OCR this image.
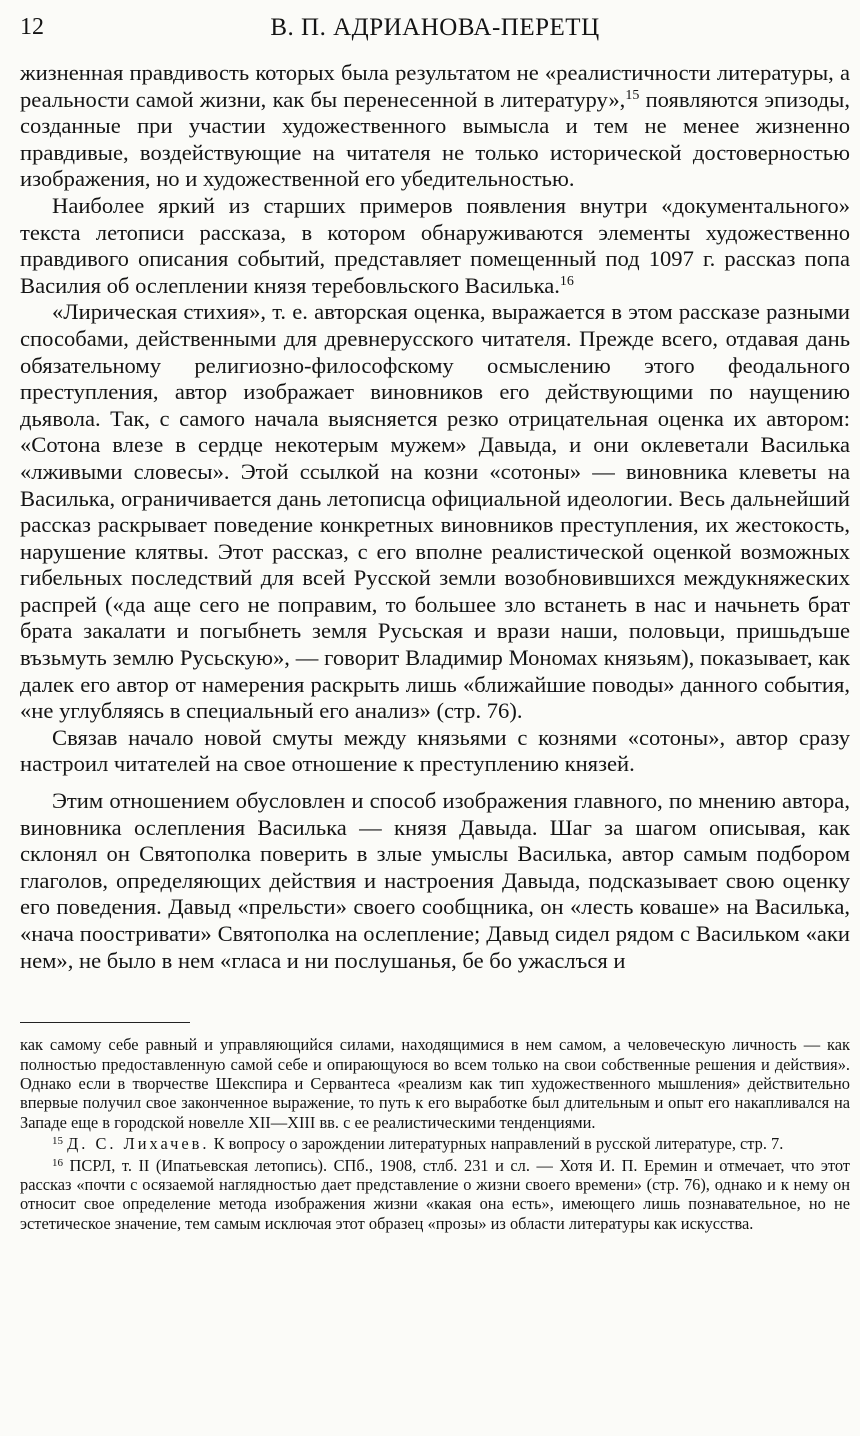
12	В. П. АДРИАНОВА-ПЕРЕТЦ

жизненная правдивость которых была результатом не «реалистичности литературы, а реальности самой жизни, как бы перенесенной в литературу»,$^{15}$ появляются эпизоды, созданные при участии художественного вымысла и тем не менее жизненно правдивые, воздействующие на читателя не только исторической достоверностью изображения, но и художественной его убедительностью.

Наиболее яркий из старших примеров появления внутри «документального» текста летописи рассказа, в котором обнаруживаются элементы художественно правдивого описания событий, представляет помещенный под 1097 г. рассказ попа Василия об ослеплении князя теребовльского Василька.$^{16}$

«Лирическая стихия», т. е. авторская оценка, выражается в этом рассказе разными способами, действенными для древнерусского читателя. Прежде всего, отдавая дань обязательному религиозно-философскому осмыслению этого феодального преступления, автор изображает виновников его действующими по наущению дьявола. Так, с самого начала выясняется резко отрицательная оценка их автором: «Сотона влезе в сердце некотерым мужем» Давыда, и они оклеветали Василька «лживыми словесы». Этой ссылкой на козни «сотоны» — виновника клеветы на Василька, ограничивается дань летописца официальной идеологии. Весь дальнейший рассказ раскрывает поведение конкретных виновников преступления, их жестокость, нарушение клятвы. Этот рассказ, с его вполне реалистической оценкой возможных гибельных последствий для всей Русской земли возобновившихся междукняжеских распрей («да аще сего не поправим, то большее зло встанеть в нас и начьнеть брат брата закалати и погыбнеть земля Русьская и врази наши, половьци, пришьдъше възьмуть землю Русьскую», — говорит Владимир Мономах князьям), показывает, как далек его автор от намерения раскрыть лишь «ближайшие поводы» данного события, «не углубляясь в специальный его анализ» (стр. 76).

Связав начало новой смуты между князьями с кознями «сотоны», автор сразу настроил читателей на свое отношение к преступлению князей.

Этим отношением обусловлен и способ изображения главного, по мнению автора, виновника ослепления Василька — князя Давыда. Шаг за шагом описывая, как склонял он Святополка поверить в злые умыслы Василька, автор самым подбором глаголов, определяющих действия и настроения Давыда, подсказывает свою оценку его поведения. Давыд «прельсти» своего сообщника, он «лесть коваше» на Василька, «нача поостривати» Святополка на ослепление; Давыд сидел рядом с Васильком «аки нем», не было в нем «гласа и ни послушанья, бе бо ужаслъся и

как самому себе равный и управляющийся силами, находящимися в нем самом, а человеческую личность — как полностью предоставленную самой себе и опирающуюся во всем только на свои собственные решения и действия». Однако если в творчестве Шекспира и Сервантеса «реализм как тип художественного мышления» действительно впервые получил свое законченное выражение, то путь к его выработке был длительным и опыт его накапливался на Западе еще в городской новелле XII—XIII вв. с ее реалистическими тенденциями.

$^{15}$ Д. С. Лихачев. К вопросу о зарождении литературных направлений в русской литературе, стр. 7.

$^{16}$ ПСРЛ, т. II (Ипатьевская летопись). СПб., 1908, стлб. 231 и сл. — Хотя И. П. Еремин и отмечает, что этот рассказ «почти с осязаемой наглядностью дает представление о жизни своего времени» (стр. 76), однако и к нему он относит свое определение метода изображения жизни «какая она есть», имеющего лишь познавательное, но не эстетическое значение, тем самым исключая этот образец «прозы» из области литературы как искусства.
